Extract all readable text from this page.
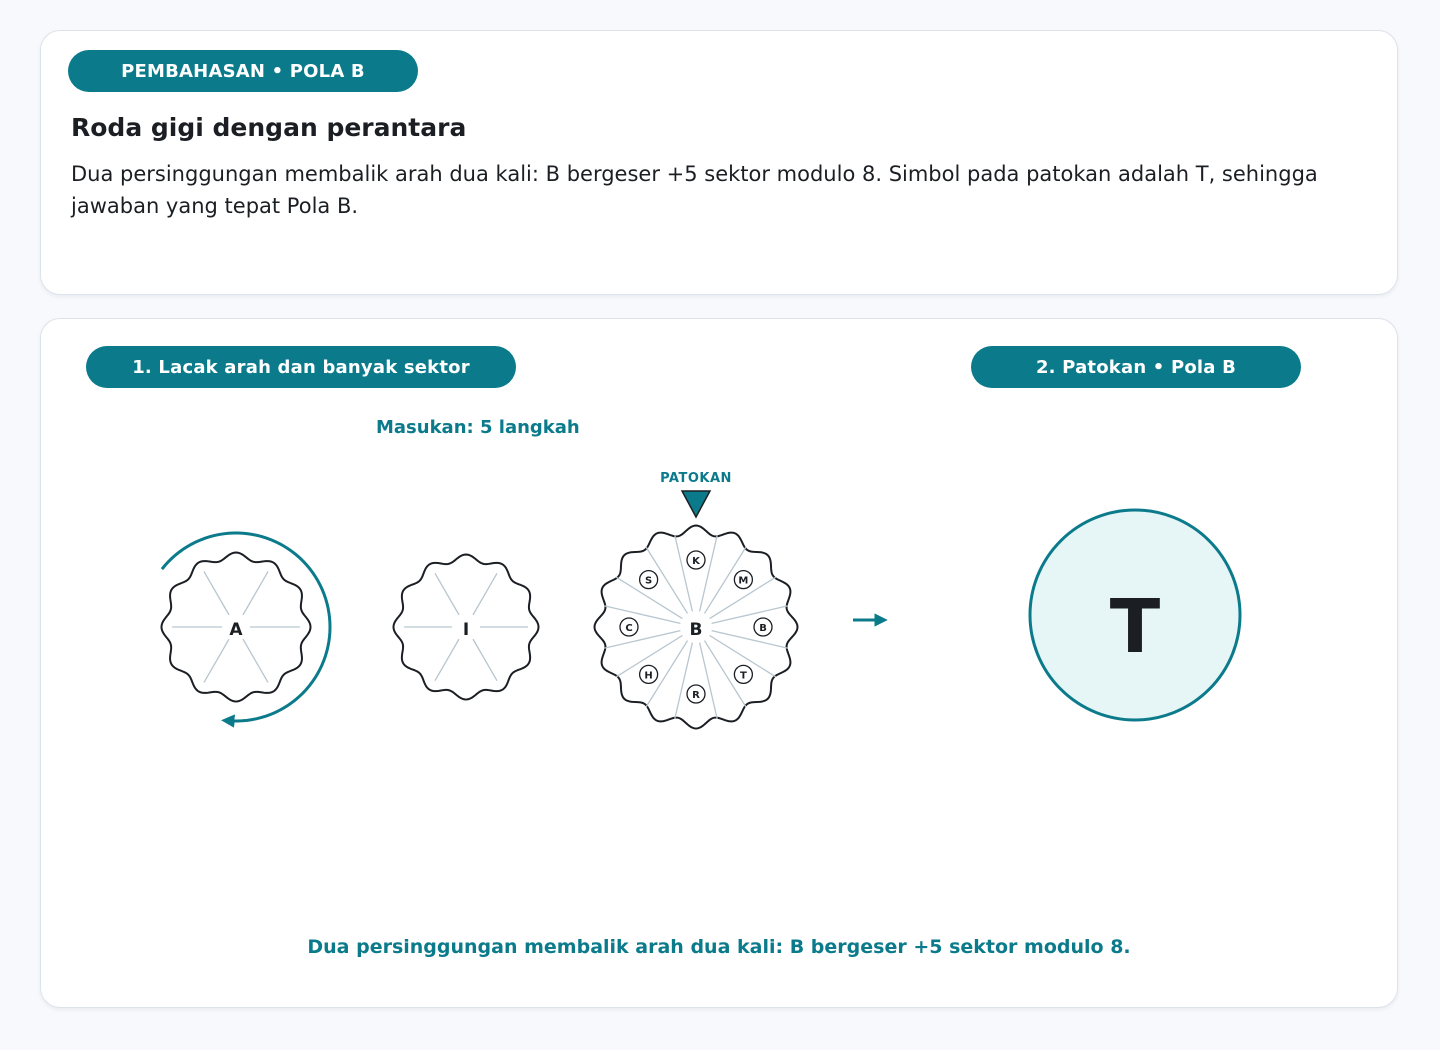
PEMBAHASAN • POLA B
Roda gigi dengan perantara
Dua persinggungan membalik arah dua kali: B bergeser +5 sektor modulo 8. Simbol pada patokan adalah T, sehingga jawaban yang tepat Pola B.
1. Lacak arah dan banyak sektor	2. Patokan • Pola B
Masukan: 5 langkah
A	I
K
M
B
T
R
H
C
S
B
PATOKAN
T
Dua persinggungan membalik arah dua kali: B bergeser +5 sektor modulo 8.
